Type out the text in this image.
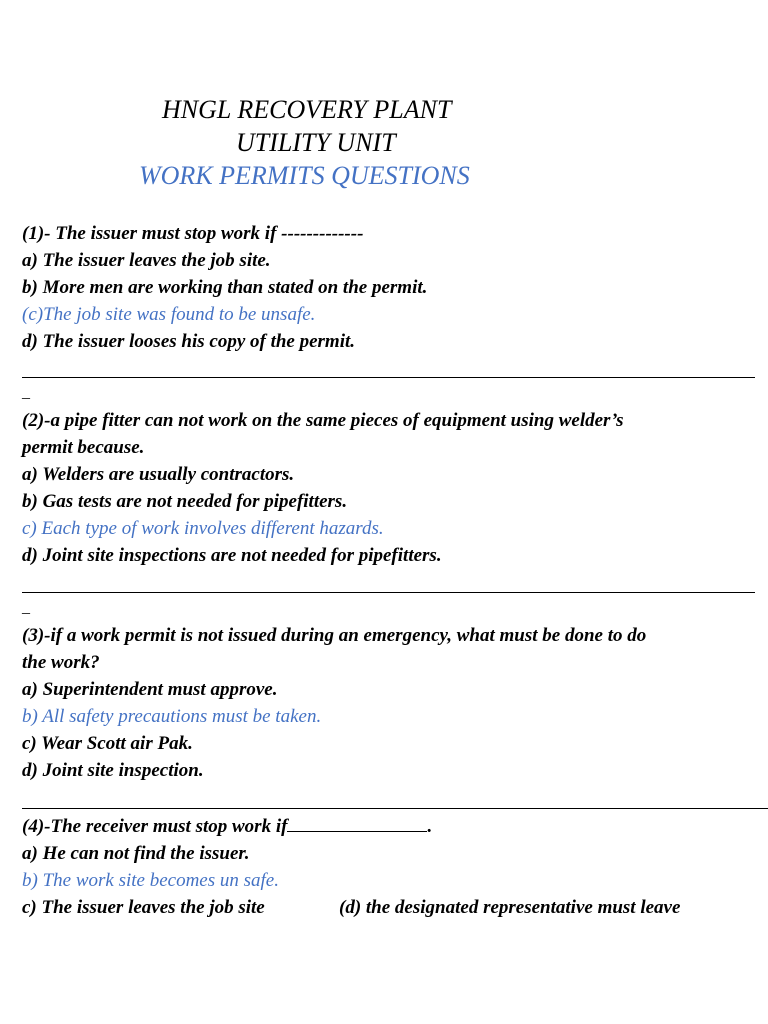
HNGL RECOVERY PLANT
UTILITY UNIT
WORK PERMITS QUESTIONS
(1)- The issuer must stop work if -------------
a) The issuer leaves the job site.
b) More men are working than stated on the permit.
(c)The job site was found to be unsafe.
d) The issuer looses his copy of the permit.
_
(2)-a pipe fitter can not work on the same pieces of equipment using welder’s
permit because.
a) Welders are usually contractors.
b) Gas tests are not needed for pipefitters.
c) Each type of work involves different hazards.
d) Joint site inspections are not needed for pipefitters.
_
(3)-if a work permit is not issued during an emergency, what must be done to do
the work?
a) Superintendent must approve.
b) All safety precautions must be taken.
c) Wear Scott air Pak.
d) Joint site inspection.
(4)-The receiver must stop work if	.
a) He can not find the issuer.
b) The work site becomes un safe.
c) The issuer leaves the job site	(d) the designated representative must leave
